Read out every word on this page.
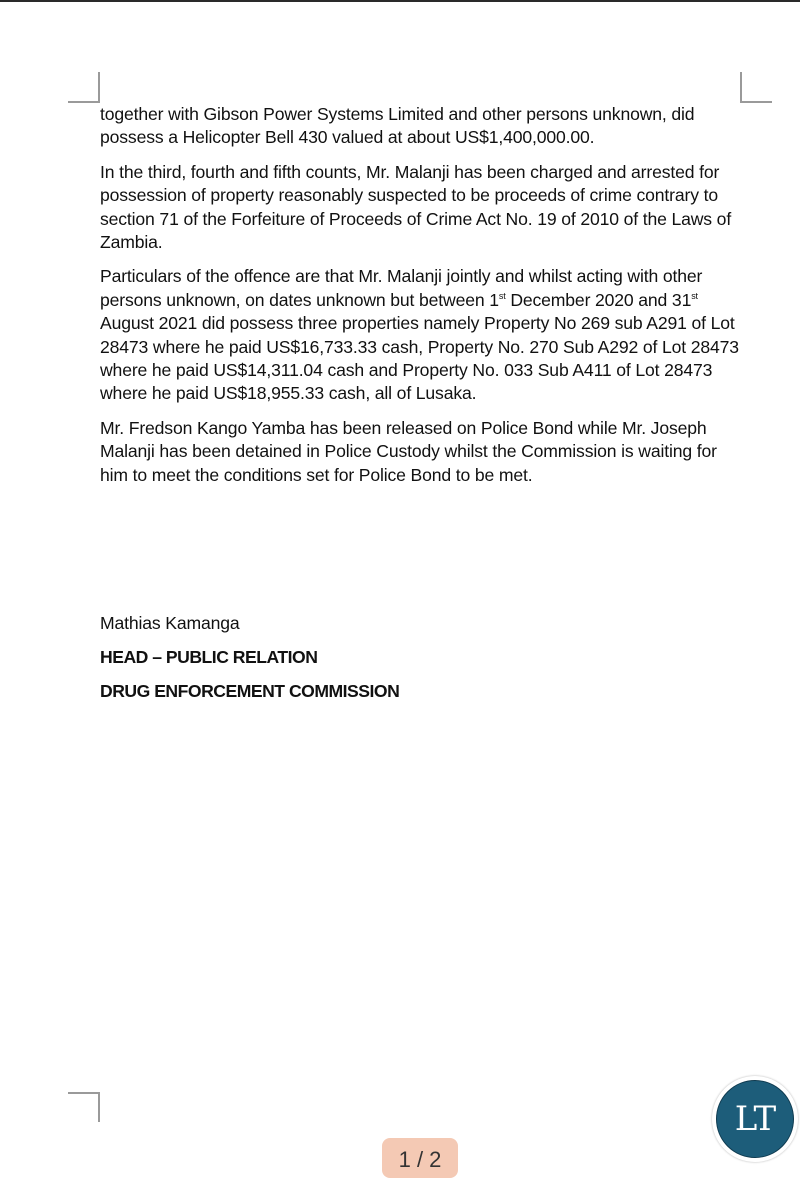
together with Gibson Power Systems Limited and other persons unknown, did possess a Helicopter Bell 430 valued at about US$1,400,000.00.

In the third, fourth and fifth counts, Mr. Malanji has been charged and arrested for possession of property reasonably suspected to be proceeds of crime contrary to section 71 of the Forfeiture of Proceeds of Crime Act No. 19 of 2010 of the Laws of Zambia.

Particulars of the offence are that Mr. Malanji jointly and whilst acting with other persons unknown, on dates unknown but between 1st December 2020 and 31st August 2021 did possess three properties namely Property No 269 sub A291 of Lot 28473 where he paid US$16,733.33 cash, Property No. 270 Sub A292 of Lot 28473 where he paid US$14,311.04 cash and Property No. 033 Sub A411 of Lot 28473 where he paid US$18,955.33 cash, all of Lusaka.

Mr. Fredson Kango Yamba has been released on Police Bond while Mr. Joseph Malanji has been detained in Police Custody whilst the Commission is waiting for him to meet the conditions set for Police Bond to be met.

Mathias Kamanga
HEAD – PUBLIC RELATION
DRUG ENFORCEMENT COMMISSION
1 / 2
LT
